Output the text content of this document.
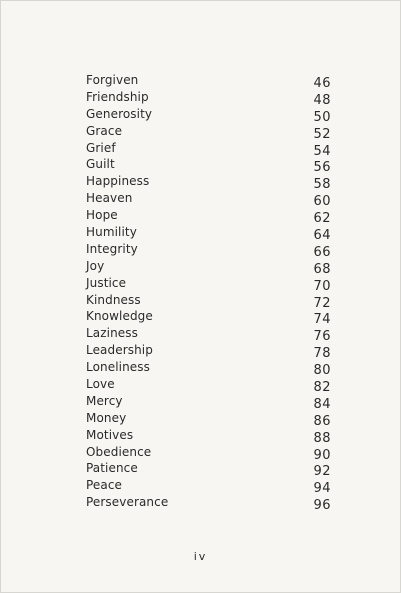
Forgiven	46
Friendship	48
Generosity	50
Grace	52
Grief	54
Guilt	56
Happiness	58
Heaven	60
Hope	62
Humility	64
Integrity	66
Joy	68
Justice	70
Kindness	72
Knowledge	74
Laziness	76
Leadership	78
Loneliness	80
Love	82
Mercy	84
Money	86
Motives	88
Obedience	90
Patience	92
Peace	94
Perseverance	96
iv
